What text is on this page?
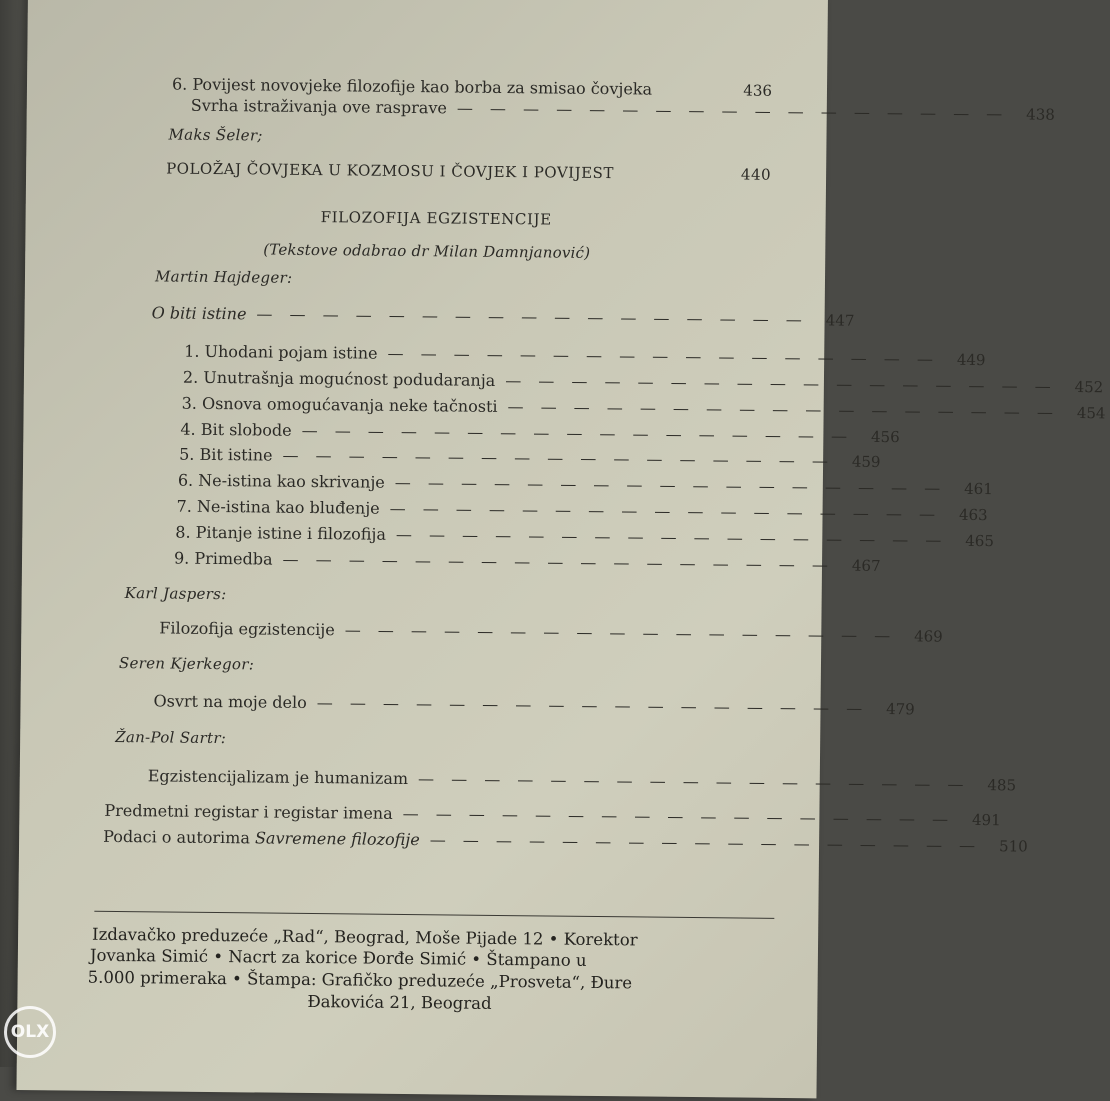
6. Povijest novovjeke filozofije kao borba za smisao čovjeka	436
Svrha istraživanja ove rasprave — — — — — — — — — — — — — — — — — 438
Maks Šeler;
POLOŽAJ ČOVJEKA U KOZMOSU I ČOVJEK I POVIJEST	440
FILOZOFIJA EGZISTENCIJE
(Tekstove odabrao dr Milan Damnjanović)
Martin Hajdeger:
O biti istine — — — — — — — — — — — — — — — — — 447
1. Uhodani pojam istine — — — — — — — — — — — — — — — — — 449
2. Unutrašnja mogućnost podudaranja — — — — — — — — — — — — — — — — — 452
3. Osnova omogućavanja neke tačnosti — — — — — — — — — — — — — — — — — 454
4. Bit slobode — — — — — — — — — — — — — — — — — 456
5. Bit istine — — — — — — — — — — — — — — — — — 459
6. Ne-istina kao skrivanje — — — — — — — — — — — — — — — — — 461
7. Ne-istina kao bluđenje — — — — — — — — — — — — — — — — — 463
8. Pitanje istine i filozofija — — — — — — — — — — — — — — — — — 465
9. Primedba — — — — — — — — — — — — — — — — — 467
Karl Jaspers:
Filozofija egzistencije — — — — — — — — — — — — — — — — — 469
Seren Kjerkegor:
Osvrt na moje delo — — — — — — — — — — — — — — — — — 479
Žan-Pol Sartr:
Egzistencijalizam je humanizam — — — — — — — — — — — — — — — — — 485
Predmetni registar i registar imena — — — — — — — — — — — — — — — — — 491
Podaci o autorima Savremene filozofije — — — — — — — — — — — — — — — — — 510
Izdavačko preduzeće „Rad“, Beograd, Moše Pijade 12 • Korektor
Jovanka Simić • Nacrt za korice Đorđe Simić • Štampano u
5.000 primeraka • Štampa: Grafičko preduzeće „Prosveta“, Đure
Đakovića 21, Beograd
OLX
